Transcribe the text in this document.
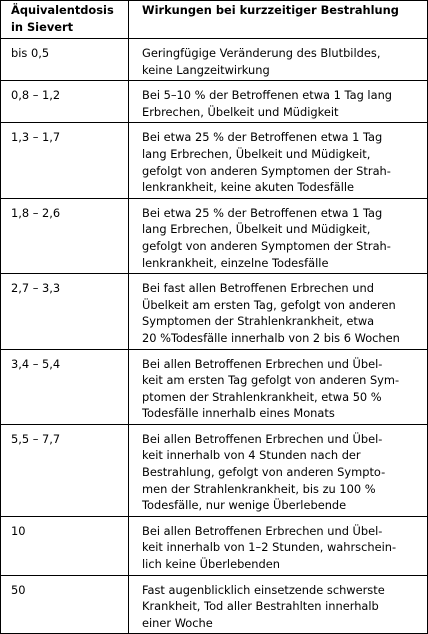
Äquivalentdosis
in Sievert	Wirkungen bei kurzzeitiger Bestrahlung
bis 0,5	Geringfügige Veränderung des Blutbildes,
keine Langzeitwirkung
0,8 – 1,2	Bei 5–10 % der Betroffenen etwa 1 Tag lang
Erbrechen, Übelkeit und Müdigkeit
1,3 – 1,7	Bei etwa 25 % der Betroffenen etwa 1 Tag
lang Erbrechen, Übelkeit und Müdigkeit,
gefolgt von anderen Symptomen der Strah-
lenkrankheit, keine akuten Todesfälle
1,8 – 2,6	Bei etwa 25 % der Betroffenen etwa 1 Tag
lang Erbrechen, Übelkeit und Müdigkeit,
gefolgt von anderen Symptomen der Strah-
lenkrankheit, einzelne Todesfälle
2,7 – 3,3	Bei fast allen Betroffenen Erbrechen und
Übelkeit am ersten Tag, gefolgt von anderen
Symptomen der Strahlenkrankheit, etwa
20 %Todesfälle innerhalb von 2 bis 6 Wochen
3,4 – 5,4	Bei allen Betroffenen Erbrechen und Übel-
keit am ersten Tag gefolgt von anderen Sym-
ptomen der Strahlenkrankheit, etwa 50 %
Todesfälle innerhalb eines Monats
5,5 – 7,7	Bei allen Betroffenen Erbrechen und Übel-
keit innerhalb von 4 Stunden nach der
Bestrahlung, gefolgt von anderen Sympto-
men der Strahlenkrankheit, bis zu 100 %
Todesfälle, nur wenige Überlebende
10	Bei allen Betroffenen Erbrechen und Übel-
keit innerhalb von 1–2 Stunden, wahrschein-
lich keine Überlebenden
50	Fast augenblicklich einsetzende schwerste
Krankheit, Tod aller Bestrahlten innerhalb
einer Woche
